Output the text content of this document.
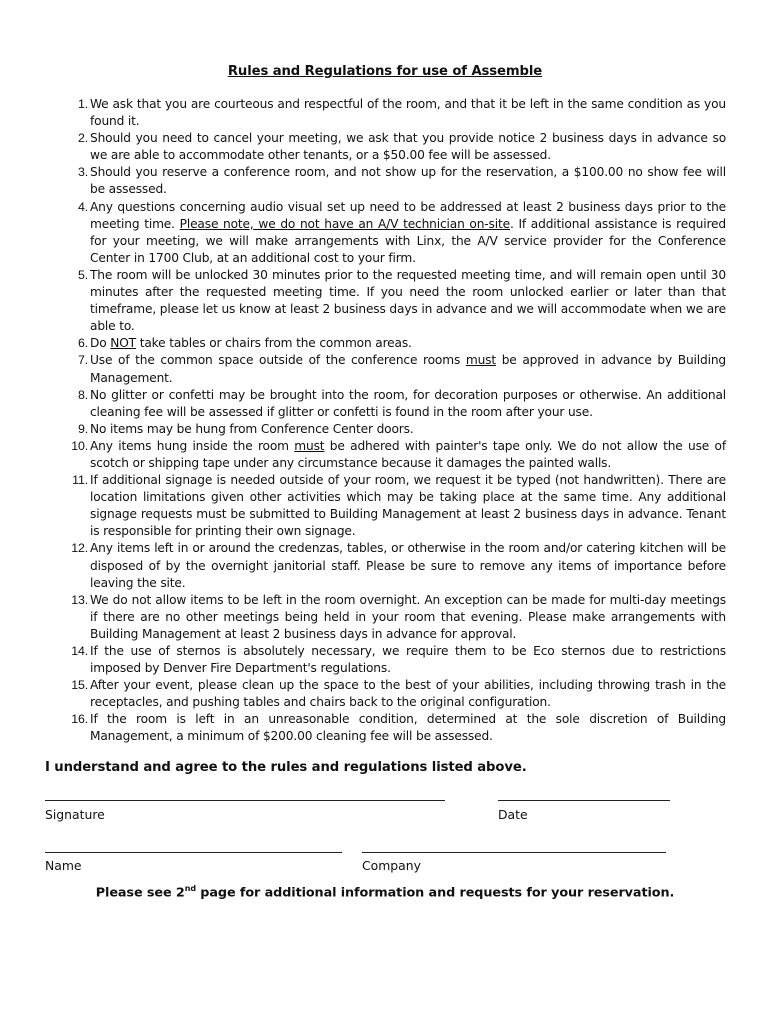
Rules and Regulations for use of Assemble
1. We ask that you are courteous and respectful of the room, and that it be left in the same condition as you found it.
2. Should you need to cancel your meeting, we ask that you provide notice 2 business days in advance so we are able to accommodate other tenants, or a $50.00 fee will be assessed.
3. Should you reserve a conference room, and not show up for the reservation, a $100.00 no show fee will be assessed.
4. Any questions concerning audio visual set up need to be addressed at least 2 business days prior to the meeting time. Please note, we do not have an A/V technician on-site. If additional assistance is required for your meeting, we will make arrangements with Linx, the A/V service provider for the Conference Center in 1700 Club, at an additional cost to your firm.
5. The room will be unlocked 30 minutes prior to the requested meeting time, and will remain open until 30 minutes after the requested meeting time. If you need the room unlocked earlier or later than that timeframe, please let us know at least 2 business days in advance and we will accommodate when we are able to.
6. Do NOT take tables or chairs from the common areas.
7. Use of the common space outside of the conference rooms must be approved in advance by Building Management.
8. No glitter or confetti may be brought into the room, for decoration purposes or otherwise. An additional cleaning fee will be assessed if glitter or confetti is found in the room after your use.
9. No items may be hung from Conference Center doors.
10. Any items hung inside the room must be adhered with painter's tape only. We do not allow the use of scotch or shipping tape under any circumstance because it damages the painted walls.
11. If additional signage is needed outside of your room, we request it be typed (not handwritten). There are location limitations given other activities which may be taking place at the same time. Any additional signage requests must be submitted to Building Management at least 2 business days in advance. Tenant is responsible for printing their own signage.
12. Any items left in or around the credenzas, tables, or otherwise in the room and/or catering kitchen will be disposed of by the overnight janitorial staff. Please be sure to remove any items of importance before leaving the site.
13. We do not allow items to be left in the room overnight. An exception can be made for multi-day meetings if there are no other meetings being held in your room that evening. Please make arrangements with Building Management at least 2 business days in advance for approval.
14. If the use of sternos is absolutely necessary, we require them to be Eco sternos due to restrictions imposed by Denver Fire Department's regulations.
15. After your event, please clean up the space to the best of your abilities, including throwing trash in the receptacles, and pushing tables and chairs back to the original configuration.
16. If the room is left in an unreasonable condition, determined at the sole discretion of Building Management, a minimum of $200.00 cleaning fee will be assessed.
I understand and agree to the rules and regulations listed above.
Signature	Date
Name	Company
Please see 2nd page for additional information and requests for your reservation.
